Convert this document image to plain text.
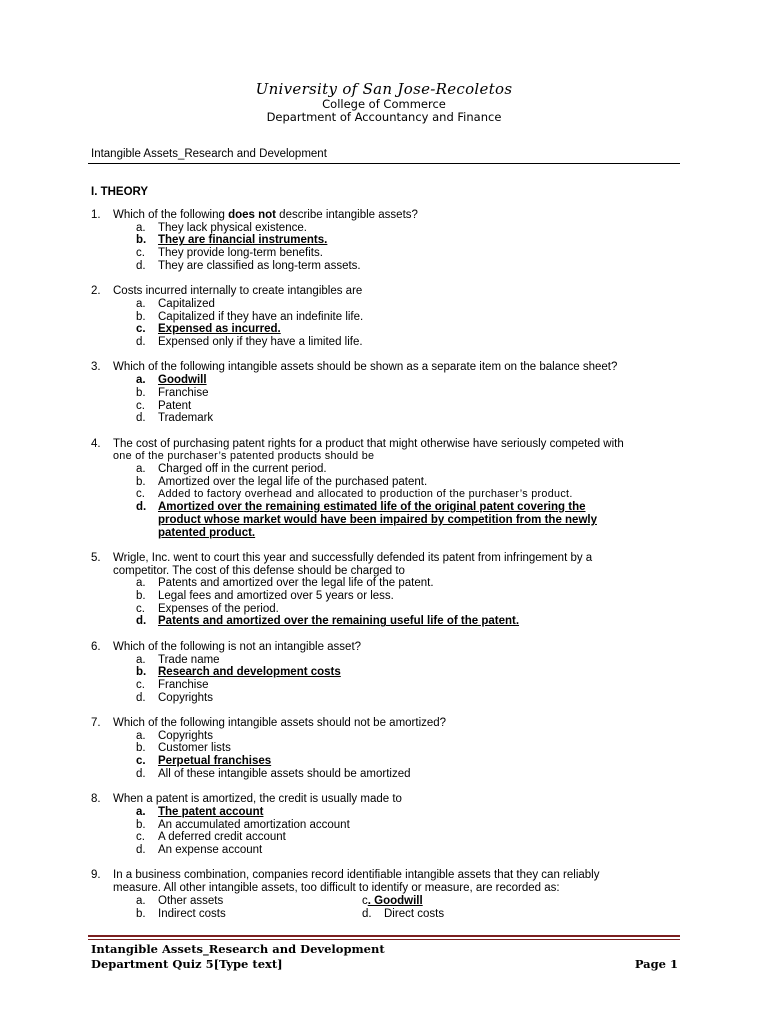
University of San Jose-Recoletos
College of Commerce
Department of Accountancy and Finance
Intangible Assets_Research and Development
I. THEORY
1.	Which of the following does not describe intangible assets?
a.	They lack physical existence.
b.	They are financial instruments.
c.	They provide long-term benefits.
d.	They are classified as long-term assets.
2.	Costs incurred internally to create intangibles are
a.	Capitalized
b.	Capitalized if they have an indefinite life.
c.	Expensed as incurred.
d.	Expensed only if they have a limited life.
3.	Which of the following intangible assets should be shown as a separate item on the balance sheet?
a.	Goodwill
b.	Franchise
c.	Patent
d.	Trademark
4.	The cost of purchasing patent rights for a product that might otherwise have seriously competed with
one of the purchaser’s patented products should be
a.	Charged off in the current period.
b.	Amortized over the legal life of the purchased patent.
c.	Added to factory overhead and allocated to production of the purchaser’s product.
d.	Amortized over the remaining estimated life of the original patent covering the product whose market would have been impaired by competition from the newly patented product.
5.	Wrigle, Inc. went to court this year and successfully defended its patent from infringement by a
competitor. The cost of this defense should be charged to
a.	Patents and amortized over the legal life of the patent.
b.	Legal fees and amortized over 5 years or less.
c.	Expenses of the period.
d.	Patents and amortized over the remaining useful life of the patent.
6.	Which of the following is not an intangible asset?
a.	Trade name
b.	Research and development costs
c.	Franchise
d.	Copyrights
7.	Which of the following intangible assets should not be amortized?
a.	Copyrights
b.	Customer lists
c.	Perpetual franchises
d.	All of these intangible assets should be amortized
8.	When a patent is amortized, the credit is usually made to
a.	The patent account
b.	An accumulated amortization account
c.	A deferred credit account
d.	An expense account
9.	In a business combination, companies record identifiable intangible assets that they can reliably
measure. All other intangible assets, too difficult to identify or measure, are recorded as:
a. Other assets	c. Goodwill
b. Indirect costs	d. Direct costs
Intangible Assets_Research and Development
Department Quiz 5[Type text]	Page 1
